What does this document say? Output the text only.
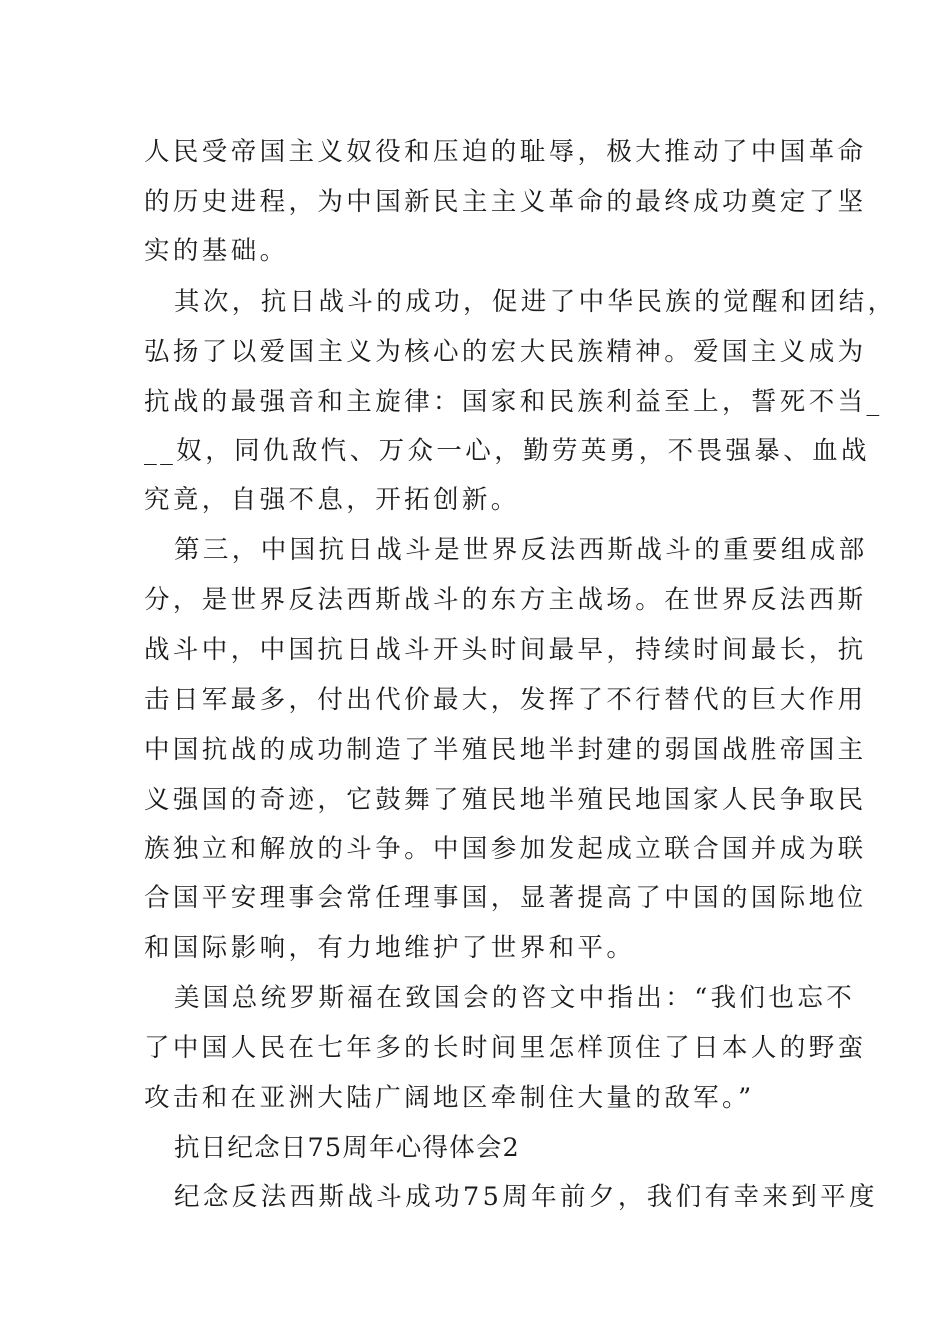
人民受帝国主义奴役和压迫的耻辱，极大推动了中国革命
的历史进程，为中国新民主主义革命的最终成功奠定了坚
实的基础。
其次，抗日战斗的成功，促进了中华民族的觉醒和团结，
弘扬了以爱国主义为核心的宏大民族精神。爱国主义成为
抗战的最强音和主旋律：国家和民族利益至上，誓死不当_
__奴，同仇敌忾、万众一心，勤劳英勇，不畏强暴、血战
究竟，自强不息，开拓创新。
第三，中国抗日战斗是世界反法西斯战斗的重要组成部
分，是世界反法西斯战斗的东方主战场。在世界反法西斯
战斗中，中国抗日战斗开头时间最早，持续时间最长，抗
击日军最多，付出代价最大，发挥了不行替代的巨大作用
中国抗战的成功制造了半殖民地半封建的弱国战胜帝国主
义强国的奇迹，它鼓舞了殖民地半殖民地国家人民争取民
族独立和解放的斗争。中国参加发起成立联合国并成为联
合国平安理事会常任理事国，显著提高了中国的国际地位
和国际影响，有力地维护了世界和平。
美国总统罗斯福在致国会的咨文中指出：“我们也忘不
了中国人民在七年多的长时间里怎样顶住了日本人的野蛮
攻击和在亚洲大陆广阔地区牵制住大量的敌军。”
抗日纪念日75周年心得体会2
纪念反法西斯战斗成功75周年前夕，我们有幸来到平度
